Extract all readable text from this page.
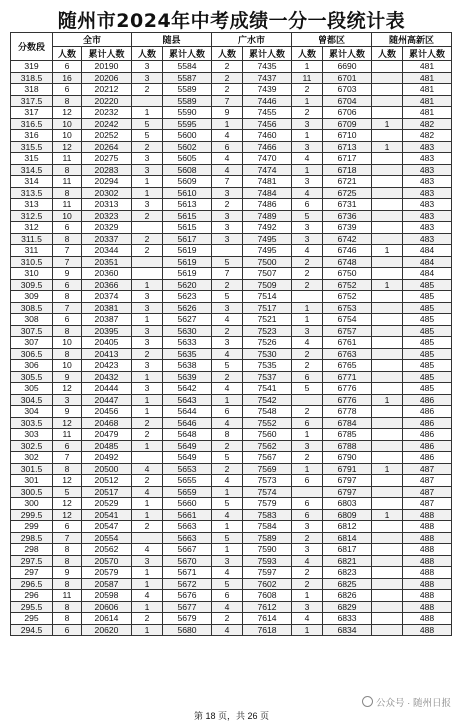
随州市2024年中考成绩一分一段统计表
分数段	全市		随县		广水市		曾都区		随州高新区	
	人数	累计人数	人数	累计人数	人数	累计人数	人数	累计人数	人数	累计人数
319	6	20190	3	5584	2	7435	1	6690		481
318.5	16	20206	3	5587	2	7437	11	6701		481
318	6	20212	2	5589	2	7439	2	6703		481
317.5	8	20220		5589	7	7446	1	6704		481
317	12	20232	1	5590	9	7455	2	6706		481
316.5	10	20242	5	5595	1	7456	3	6709	1	482
316	10	20252	5	5600	4	7460	1	6710		482
315.5	12	20264	2	5602	6	7466	3	6713	1	483
315	11	20275	3	5605	4	7470	4	6717		483
314.5	8	20283	3	5608	4	7474	1	6718		483
314	11	20294	1	5609	7	7481	3	6721		483
313.5	8	20302	1	5610	3	7484	4	6725		483
313	11	20313	3	5613	2	7486	6	6731		483
312.5	10	20323	2	5615	3	7489	5	6736		483
312	6	20329		5615	3	7492	3	6739		483
311.5	8	20337	2	5617	3	7495	3	6742		483
311	7	20344	2	5619		7495	4	6746	1	484
310.5	7	20351		5619	5	7500	2	6748		484
310	9	20360		5619	7	7507	2	6750		484
309.5	6	20366	1	5620	2	7509	2	6752	1	485
309	8	20374	3	5623	5	7514		6752		485
308.5	7	20381	3	5626	3	7517	1	6753		485
308	6	20387	1	5627	4	7521	1	6754		485
307.5	8	20395	3	5630	2	7523	3	6757		485
307	10	20405	3	5633	3	7526	4	6761		485
306.5	8	20413	2	5635	4	7530	2	6763		485
306	10	20423	3	5638	5	7535	2	6765		485
305.5	9	20432	1	5639	2	7537	6	6771		485
305	12	20444	3	5642	4	7541	5	6776		485
304.5	3	20447	1	5643	1	7542		6776	1	486
304	9	20456	1	5644	6	7548	2	6778		486
303.5	12	20468	2	5646	4	7552	6	6784		486
303	11	20479	2	5648	8	7560	1	6785		486
302.5	6	20485	1	5649	2	7562	3	6788		486
302	7	20492		5649	5	7567	2	6790		486
301.5	8	20500	4	5653	2	7569	1	6791	1	487
301	12	20512	2	5655	4	7573	6	6797		487
300.5	5	20517	4	5659	1	7574		6797		487
300	12	20529	1	5660	5	7579	6	6803		487
299.5	12	20541	1	5661	4	7583	6	6809	1	488
299	6	20547	2	5663	1	7584	3	6812		488
298.5	7	20554		5663	5	7589	2	6814		488
298	8	20562	4	5667	1	7590	3	6817		488
297.5	8	20570	3	5670	3	7593	4	6821		488
297	9	20579	1	5671	4	7597	2	6823		488
296.5	8	20587	1	5672	5	7602	2	6825		488
296	11	20598	4	5676	6	7608	1	6826		488
295.5	8	20606	1	5677	4	7612	3	6829		488
295	8	20614	2	5679	2	7614	4	6833		488
294.5	6	20620	1	5680	4	7618	1	6834		488
第 18 页，共 26 页
公众号 · 随州日报
